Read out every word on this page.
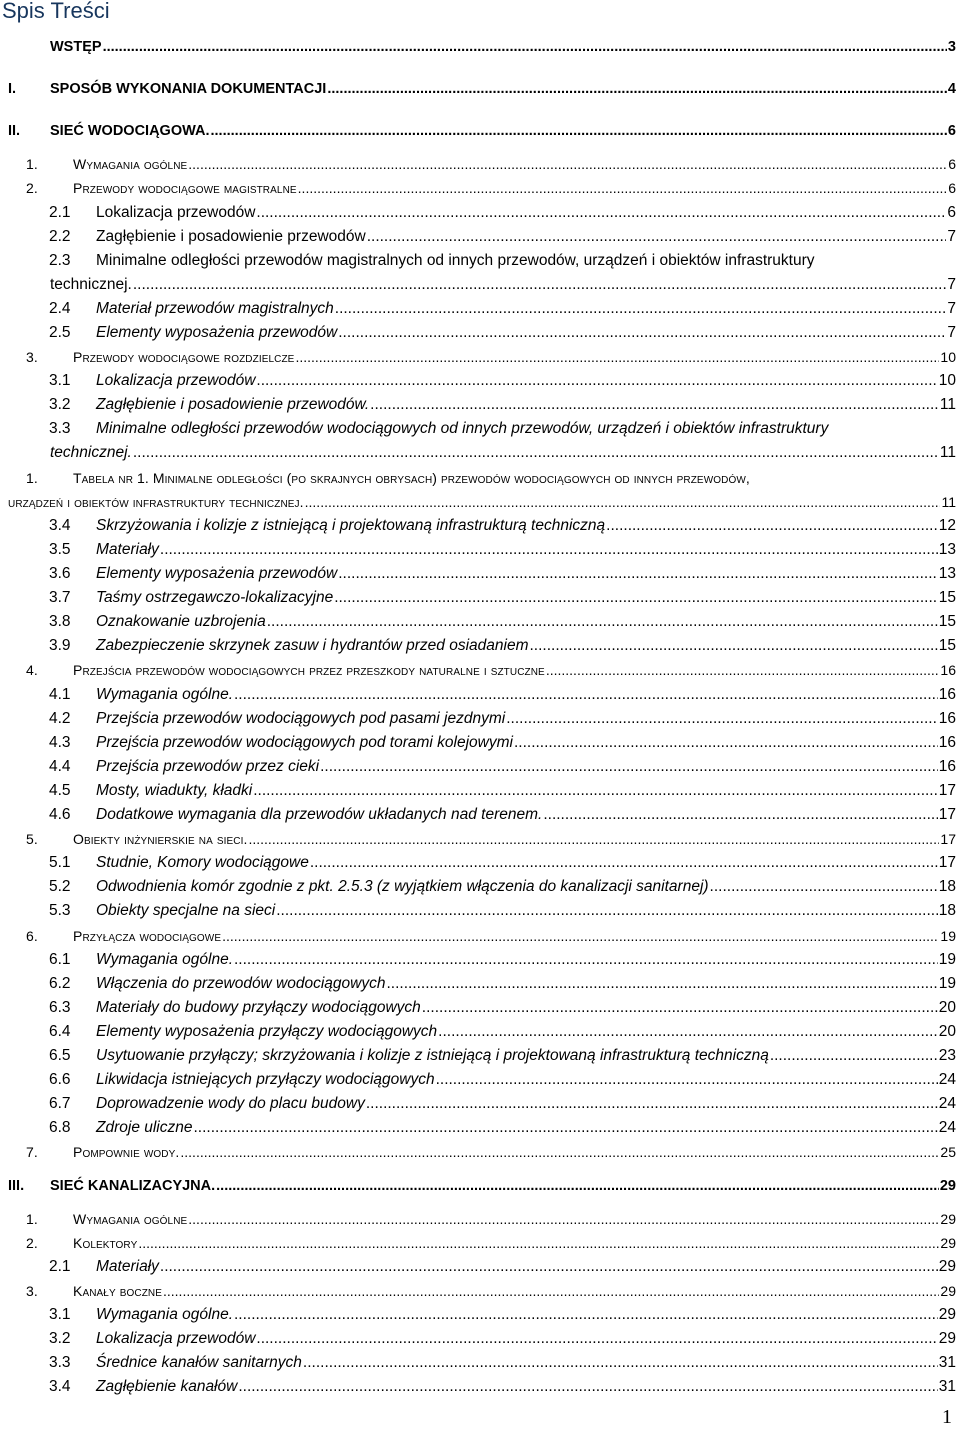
Spis Treści
WSTĘP .....	3
I. SPOSÓB WYKONANIA DOKUMENTACJI .....	4
II. SIEĆ WODOCIĄGOWA. .....	6
1.	Wymagania ogólne .....	6
2.	Przewody wodociągowe magistralne .....	6
2.1 Lokalizacja przewodów .....	6
2.2 Zagłębienie i posadowienie przewodów .....	7
2.3 Minimalne odległości przewodów magistralnych od innych przewodów, urządzeń i obiektów infrastruktury
technicznej. .....	7
2.4 Materiał przewodów magistralnych .....	7
2.5 Elementy wyposażenia przewodów .....	7
3.	Przewody wodociągowe rozdzielcze .....	10
3.1 Lokalizacja przewodów .....	10
3.2 Zagłębienie i posadowienie przewodów. .....	11
3.3 Minimalne odległości przewodów wodociągowych od innych przewodów, urządzeń i obiektów infrastruktury
technicznej. .....	11
1.	Tabela nr 1. Minimalne odległości (po skrajnych obrysach) przewodów wodociągowych od innych przewodów,
urządzeń i obiektów infrastruktury technicznej. .....	11
3.4 Skrzyżowania i kolizje z istniejącą i projektowaną infrastrukturą techniczną .....	12
3.5 Materiały .....	13
3.6 Elementy wyposażenia przewodów .....	13
3.7 Taśmy ostrzegawczo-lokalizacyjne .....	15
3.8 Oznakowanie uzbrojenia .....	15
3.9 Zabezpieczenie skrzynek zasuw i hydrantów przed osiadaniem .....	15
4.	Przejścia przewodów wodociągowych przez przeszkody naturalne i sztuczne .....	16
4.1 Wymagania ogólne. .....	16
4.2 Przejścia przewodów wodociągowych pod pasami jezdnymi .....	16
4.3 Przejścia przewodów wodociągowych pod torami kolejowymi .....	16
4.4 Przejścia przewodów przez cieki .....	16
4.5 Mosty, wiadukty, kładki .....	17
4.6 Dodatkowe wymagania dla przewodów układanych nad terenem. .....	17
5.	Obiekty inżynierskie na sieci. .....	17
5.1 Studnie, Komory wodociągowe .....	17
5.2 Odwodnienia komór zgodnie z pkt. 2.5.3 (z wyjątkiem włączenia do kanalizacji sanitarnej) .....	18
5.3 Obiekty specjalne na sieci .....	18
6.	Przyłącza wodociągowe .....	19
6.1 Wymagania ogólne. .....	19
6.2 Włączenia do przewodów wodociągowych .....	19
6.3 Materiały do budowy przyłączy wodociągowych .....	20
6.4 Elementy wyposażenia przyłączy wodociągowych .....	20
6.5 Usytuowanie przyłączy; skrzyżowania i kolizje z istniejącą i projektowaną infrastrukturą techniczną .....	23
6.6 Likwidacja istniejących przyłączy wodociągowych .....	24
6.7 Doprowadzenie wody do placu budowy .....	24
6.8 Zdroje uliczne .....	24
7.	Pompownie wody. .....	25
III. SIEĆ KANALIZACYJNA. .....	29
1.	Wymagania ogólne .....	29
2.	Kolektory .....	29
2.1 Materiały .....	29
3.	Kanały boczne .....	29
3.1 Wymagania ogólne. .....	29
3.2 Lokalizacja przewodów .....	29
3.3 Średnice kanałów sanitarnych .....	31
3.4 Zagłębienie kanałów .....	31
1
